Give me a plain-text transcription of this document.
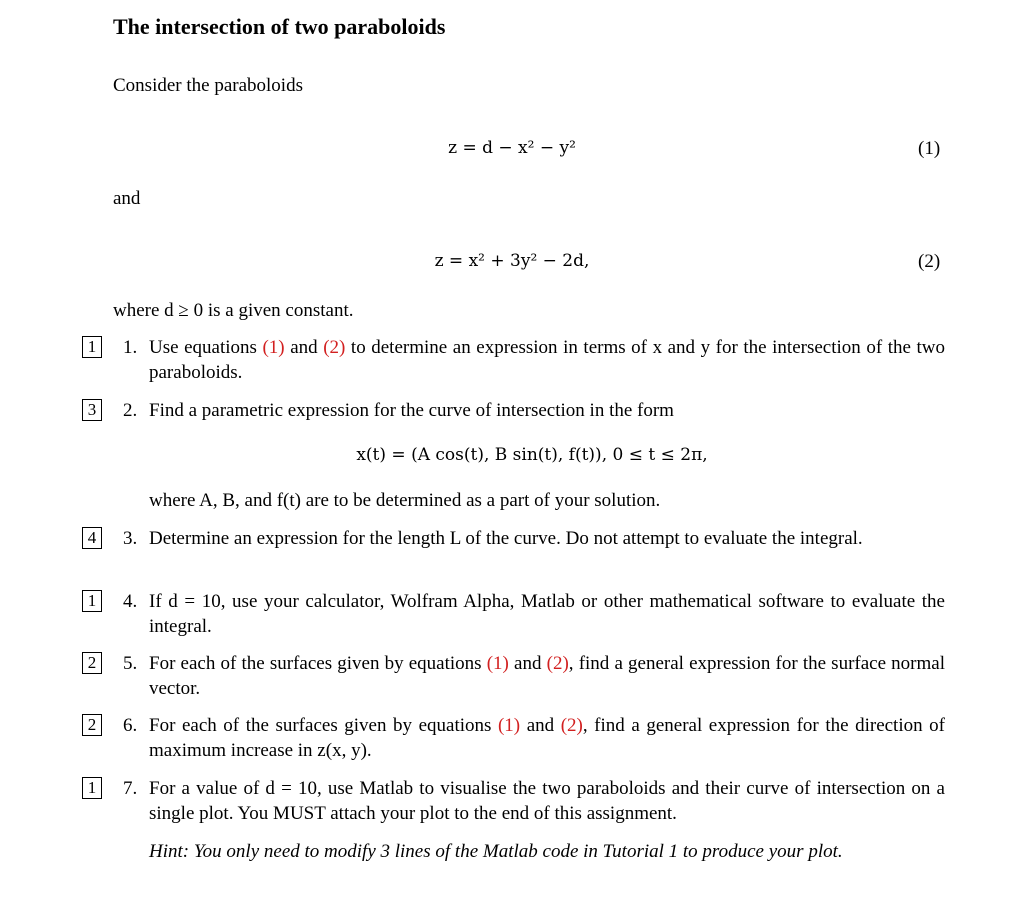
The intersection of two paraboloids
Consider the paraboloids
z = d − x² − y²	(1)
and
z = x² + 3y² − 2d,	(2)
where d ≥ 0 is a given constant.
1	1. Use equations (1) and (2) to determine an expression in terms of x and y for the intersection of the two paraboloids.
3	2. Find a parametric expression for the curve of intersection in the form
x(t) = (A cos(t), B sin(t), f(t)), 0 ≤ t ≤ 2π,
where A, B, and f(t) are to be determined as a part of your solution.
4	3. Determine an expression for the length L of the curve. Do not attempt to evaluate the integral.
1	4. If d = 10, use your calculator, Wolfram Alpha, Matlab or other mathematical software to evaluate the integral.
2	5. For each of the surfaces given by equations (1) and (2), find a general expression for the surface normal vector.
2	6. For each of the surfaces given by equations (1) and (2), find a general expression for the direction of maximum increase in z(x, y).
1	7. For a value of d = 10, use Matlab to visualise the two paraboloids and their curve of intersection on a single plot. You MUST attach your plot to the end of this assignment.
Hint: You only need to modify 3 lines of the Matlab code in Tutorial 1 to produce your plot.
